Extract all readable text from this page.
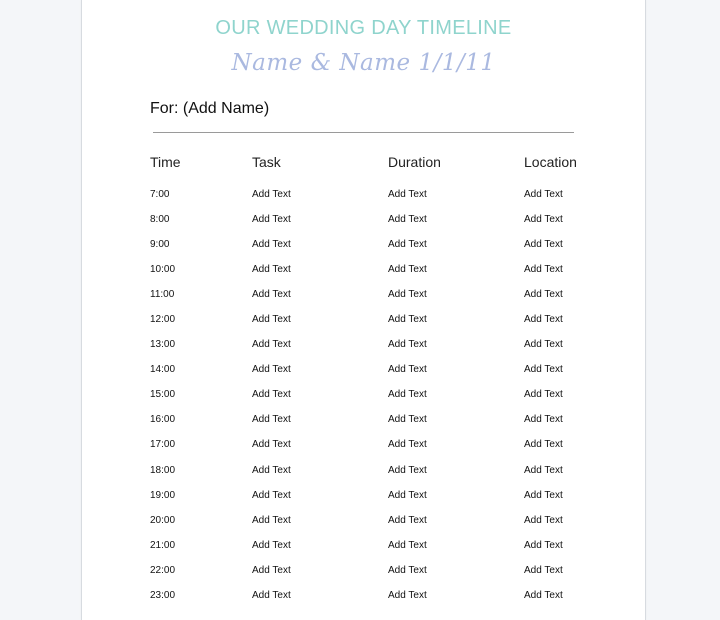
OUR WEDDING DAY TIMELINE
Name & Name 1/1/11
For: (Add Name)
Time	Task	Duration	Location
7:00	Add Text	Add Text	Add Text
8:00	Add Text	Add Text	Add Text
9:00	Add Text	Add Text	Add Text
10:00	Add Text	Add Text	Add Text
11:00	Add Text	Add Text	Add Text
12:00	Add Text	Add Text	Add Text
13:00	Add Text	Add Text	Add Text
14:00	Add Text	Add Text	Add Text
15:00	Add Text	Add Text	Add Text
16:00	Add Text	Add Text	Add Text
17:00	Add Text	Add Text	Add Text
18:00	Add Text	Add Text	Add Text
19:00	Add Text	Add Text	Add Text
20:00	Add Text	Add Text	Add Text
21:00	Add Text	Add Text	Add Text
22:00	Add Text	Add Text	Add Text
23:00	Add Text	Add Text	Add Text
